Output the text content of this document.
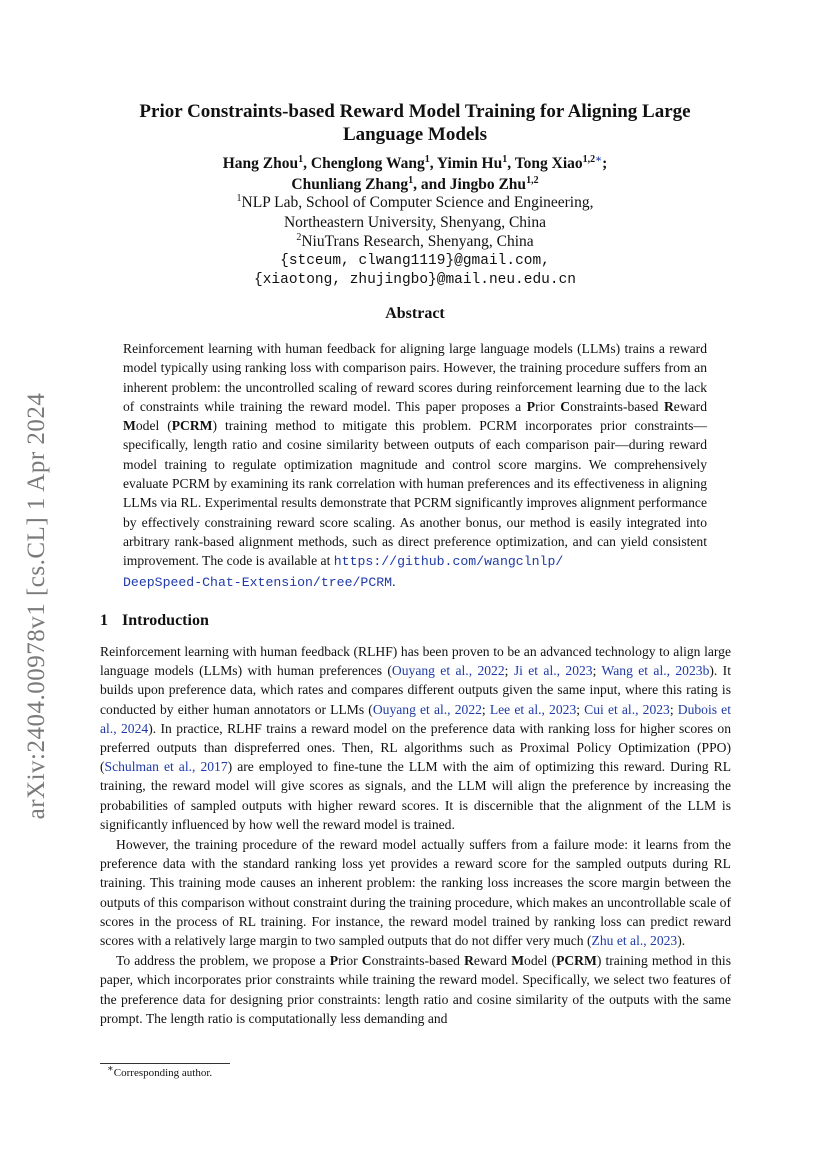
arXiv:2404.00978v1 [cs.CL] 1 Apr 2024
Prior Constraints-based Reward Model Training for Aligning Large
Language Models
Hang Zhou$^1$, Chenglong Wang$^1$, Yimin Hu$^1$, Tong Xiao$^{1,2∗}$;
Chunliang Zhang$^1$, and Jingbo Zhu$^{1,2}$
$^1$NLP Lab, School of Computer Science and Engineering,
Northeastern University, Shenyang, China
$^2$NiuTrans Research, Shenyang, China
{stceum, clwang1119}@gmail.com,
{xiaotong, zhujingbo}@mail.neu.edu.cn
Abstract
Reinforcement learning with human feedback for aligning large language models (LLMs) trains a reward model typically using ranking loss with comparison pairs. However, the training procedure suffers from an inherent problem: the uncontrolled scaling of reward scores during reinforcement learning due to the lack of constraints while training the reward model. This paper proposes a Prior Constraints-based Reward Model (PCRM) training method to mitigate this problem. PCRM incorporates prior constraints—specifically, length ratio and cosine similarity between outputs of each comparison pair—during reward model training to regulate optimization magnitude and control score margins. We comprehensively evaluate PCRM by examining its rank correlation with human preferences and its effectiveness in aligning LLMs via RL. Experimental results demonstrate that PCRM significantly improves alignment performance by effectively constraining reward score scaling. As another bonus, our method is easily integrated into arbitrary rank-based alignment methods, such as direct preference optimization, and can yield consistent improvement. The code is available at https://github.com/wangclnlp/
DeepSpeed-Chat-Extension/tree/PCRM.
1 Introduction

Reinforcement learning with human feedback (RLHF) has been proven to be an advanced technology to align large language models (LLMs) with human preferences (Ouyang et al., 2022; Ji et al., 2023; Wang et al., 2023b). It builds upon preference data, which rates and compares different outputs given the same input, where this rating is conducted by either human annotators or LLMs (Ouyang et al., 2022; Lee et al., 2023; Cui et al., 2023; Dubois et al., 2024). In practice, RLHF trains a reward model on the preference data with ranking loss for higher scores on preferred outputs than dispreferred ones. Then, RL algorithms such as Proximal Policy Optimization (PPO) (Schulman et al., 2017) are employed to fine-tune the LLM with the aim of optimizing this reward. During RL training, the reward model will give scores as signals, and the LLM will align the preference by increasing the probabilities of sampled outputs with higher reward scores. It is discernible that the alignment of the LLM is significantly influenced by how well the reward model is trained.

However, the training procedure of the reward model actually suffers from a failure mode: it learns from the preference data with the standard ranking loss yet provides a reward score for the sampled outputs during RL training. This training mode causes an inherent problem: the ranking loss increases the score margin between the outputs of this comparison without constraint during the training procedure, which makes an uncontrollable scale of scores in the process of RL training. For instance, the reward model trained by ranking loss can predict reward scores with a relatively large margin to two sampled outputs that do not differ very much (Zhu et al., 2023).

To address the problem, we propose a Prior Constraints-based Reward Model (PCRM) training method in this paper, which incorporates prior constraints while training the reward model. Specifically, we select two features of the preference data for designing prior constraints: length ratio and cosine similarity of the outputs with the same prompt. The length ratio is computationally less demanding and

∗Corresponding author.
